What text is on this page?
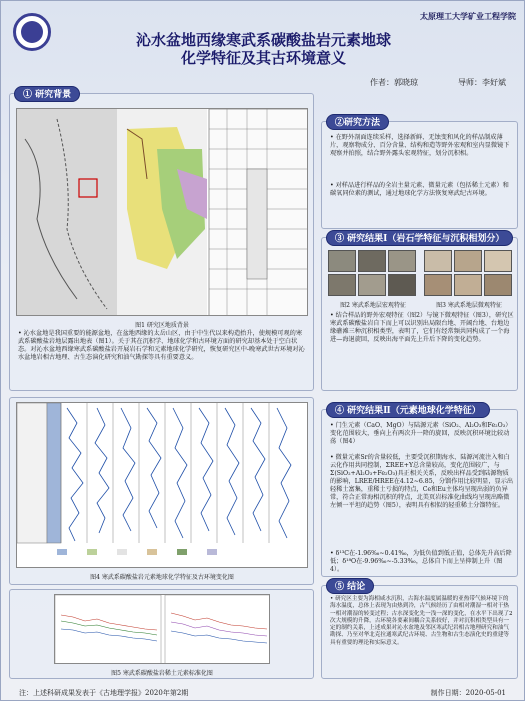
太原理工大学矿业工程学院
沁水盆地西缘寒武系碳酸盐岩元素地球
化学特征及其古环境意义
作者：郭晓琼	导师：李好斌
① 研究背景
图1 研究区地质背景
• 沁水盆地是我国重要的能源盆地，在盆地西缘的太岳山区，由于中生代以来构造抬升，使规模可观的寒武系碳酸盐岩地层露出地表（图1）。关于其在沉积学、地球化学和古环境方面的研究却基本处于空白状态。对沁水盆地西缘寒武系碳酸盐岩开展岩石学和元素地球化学研究，恢复研究区中-晚寒武世古环境对沁水盆地岩相古地理、古生态演化研究和油气勘探等具有重要意义。
②研究方法
• 在野外剖面连续采样，选择新鲜、无蚀变和风化的样品制成薄片，观察物成分、百分含量、结构和造等野外宏观和室内显微镜下观察并拍照，结合野外露头宏观特征，划分沉积相。
• 对样品进行样品的全岩主量元素、微量元素（包括稀土元素）和碳氧同位素的测试，通过地球化学方法恢复寒武纪古环境。
③ 研究结果Ⅰ（岩石学特征与沉积相划分）
图2 寒武系地层宏观特征	图3 寒武系地层微观特征
• 结合样品的野外宏观特征（图2）与镜下微观特征（图3），研究区寒武系碳酸盐岩自下而上可以识别出局限台地、开阔台地、台地边缘礁滩三种沉积相类型，表明了，它们有经常频共同构成了一个海进—海退旋回，反映出海平面先上升后下降的变化趋势。
图4 寒武系碳酸盐岩元素地球化学特征及古环境变化图
④ 研究结果Ⅱ（元素地球化学特征）
• 门生元素（CaO、MgO）与陆源元素（SiO₂、Al₂O₃和Fe₂O₃）变化范围较大，垂向上有两次升一降的旋回，反映沉积环境比较动荡（图4）
• 微量元素Sr的含量较低，主要受沉积期海水、陆源河流注入和白云化作用共同控制，ΣREE+Y总含量较高，变化范围较广，与Σ(SiO₂+Al₂O₃+Fe₂O₃)具正相关关系，反映出样品受到陆源物质的影响，LREE/HREE在4.12~6.85，分馏作用比较明显，显示出轻稀土富集，重稀土亏损的特点，Ce和Eu主体均呈现出弱的负异常，符合正常海相沉积的特点，北美页岩标准化曲线均呈现出略微左倾一平坦的趋势（图5），表明具有相似的轻重稀土分馏特征。
• δ¹³C在-1.96‰~0.41‰，为低负值到低正值，总体先升高后降低；δ¹⁸O在-9.96‰~-5.33‰，总体自下而上呈抑制上升（图4）。
图5 寒武系碳酸盐岩稀土元素标准化图
⑤ 结论
• 研究区主要为海相咸水沉积，古海水温度属温暖的亚热带气候环境下的海水温度，总体上表现为由热到冷，古气候经历了由相对潮湿一相对干热一相对潮湿的转变过程；古水深变化先一浅一深的变化，在水平下出现了2次大规模的升降，古环境各要素间耦合关系较好，并对沉积相类型具有一定的制约关系，上述成果对沁水盆地及邻区寒武纪岩相古地理研究和油气勘探、乃至对华北克拉通寒武纪古环境、古生物和古生态演化史的重建等具有重要的理论和实际意义。
注：上述科研成果发表于《古地理学报》2020年第2期	制作日期：2020-05-01
